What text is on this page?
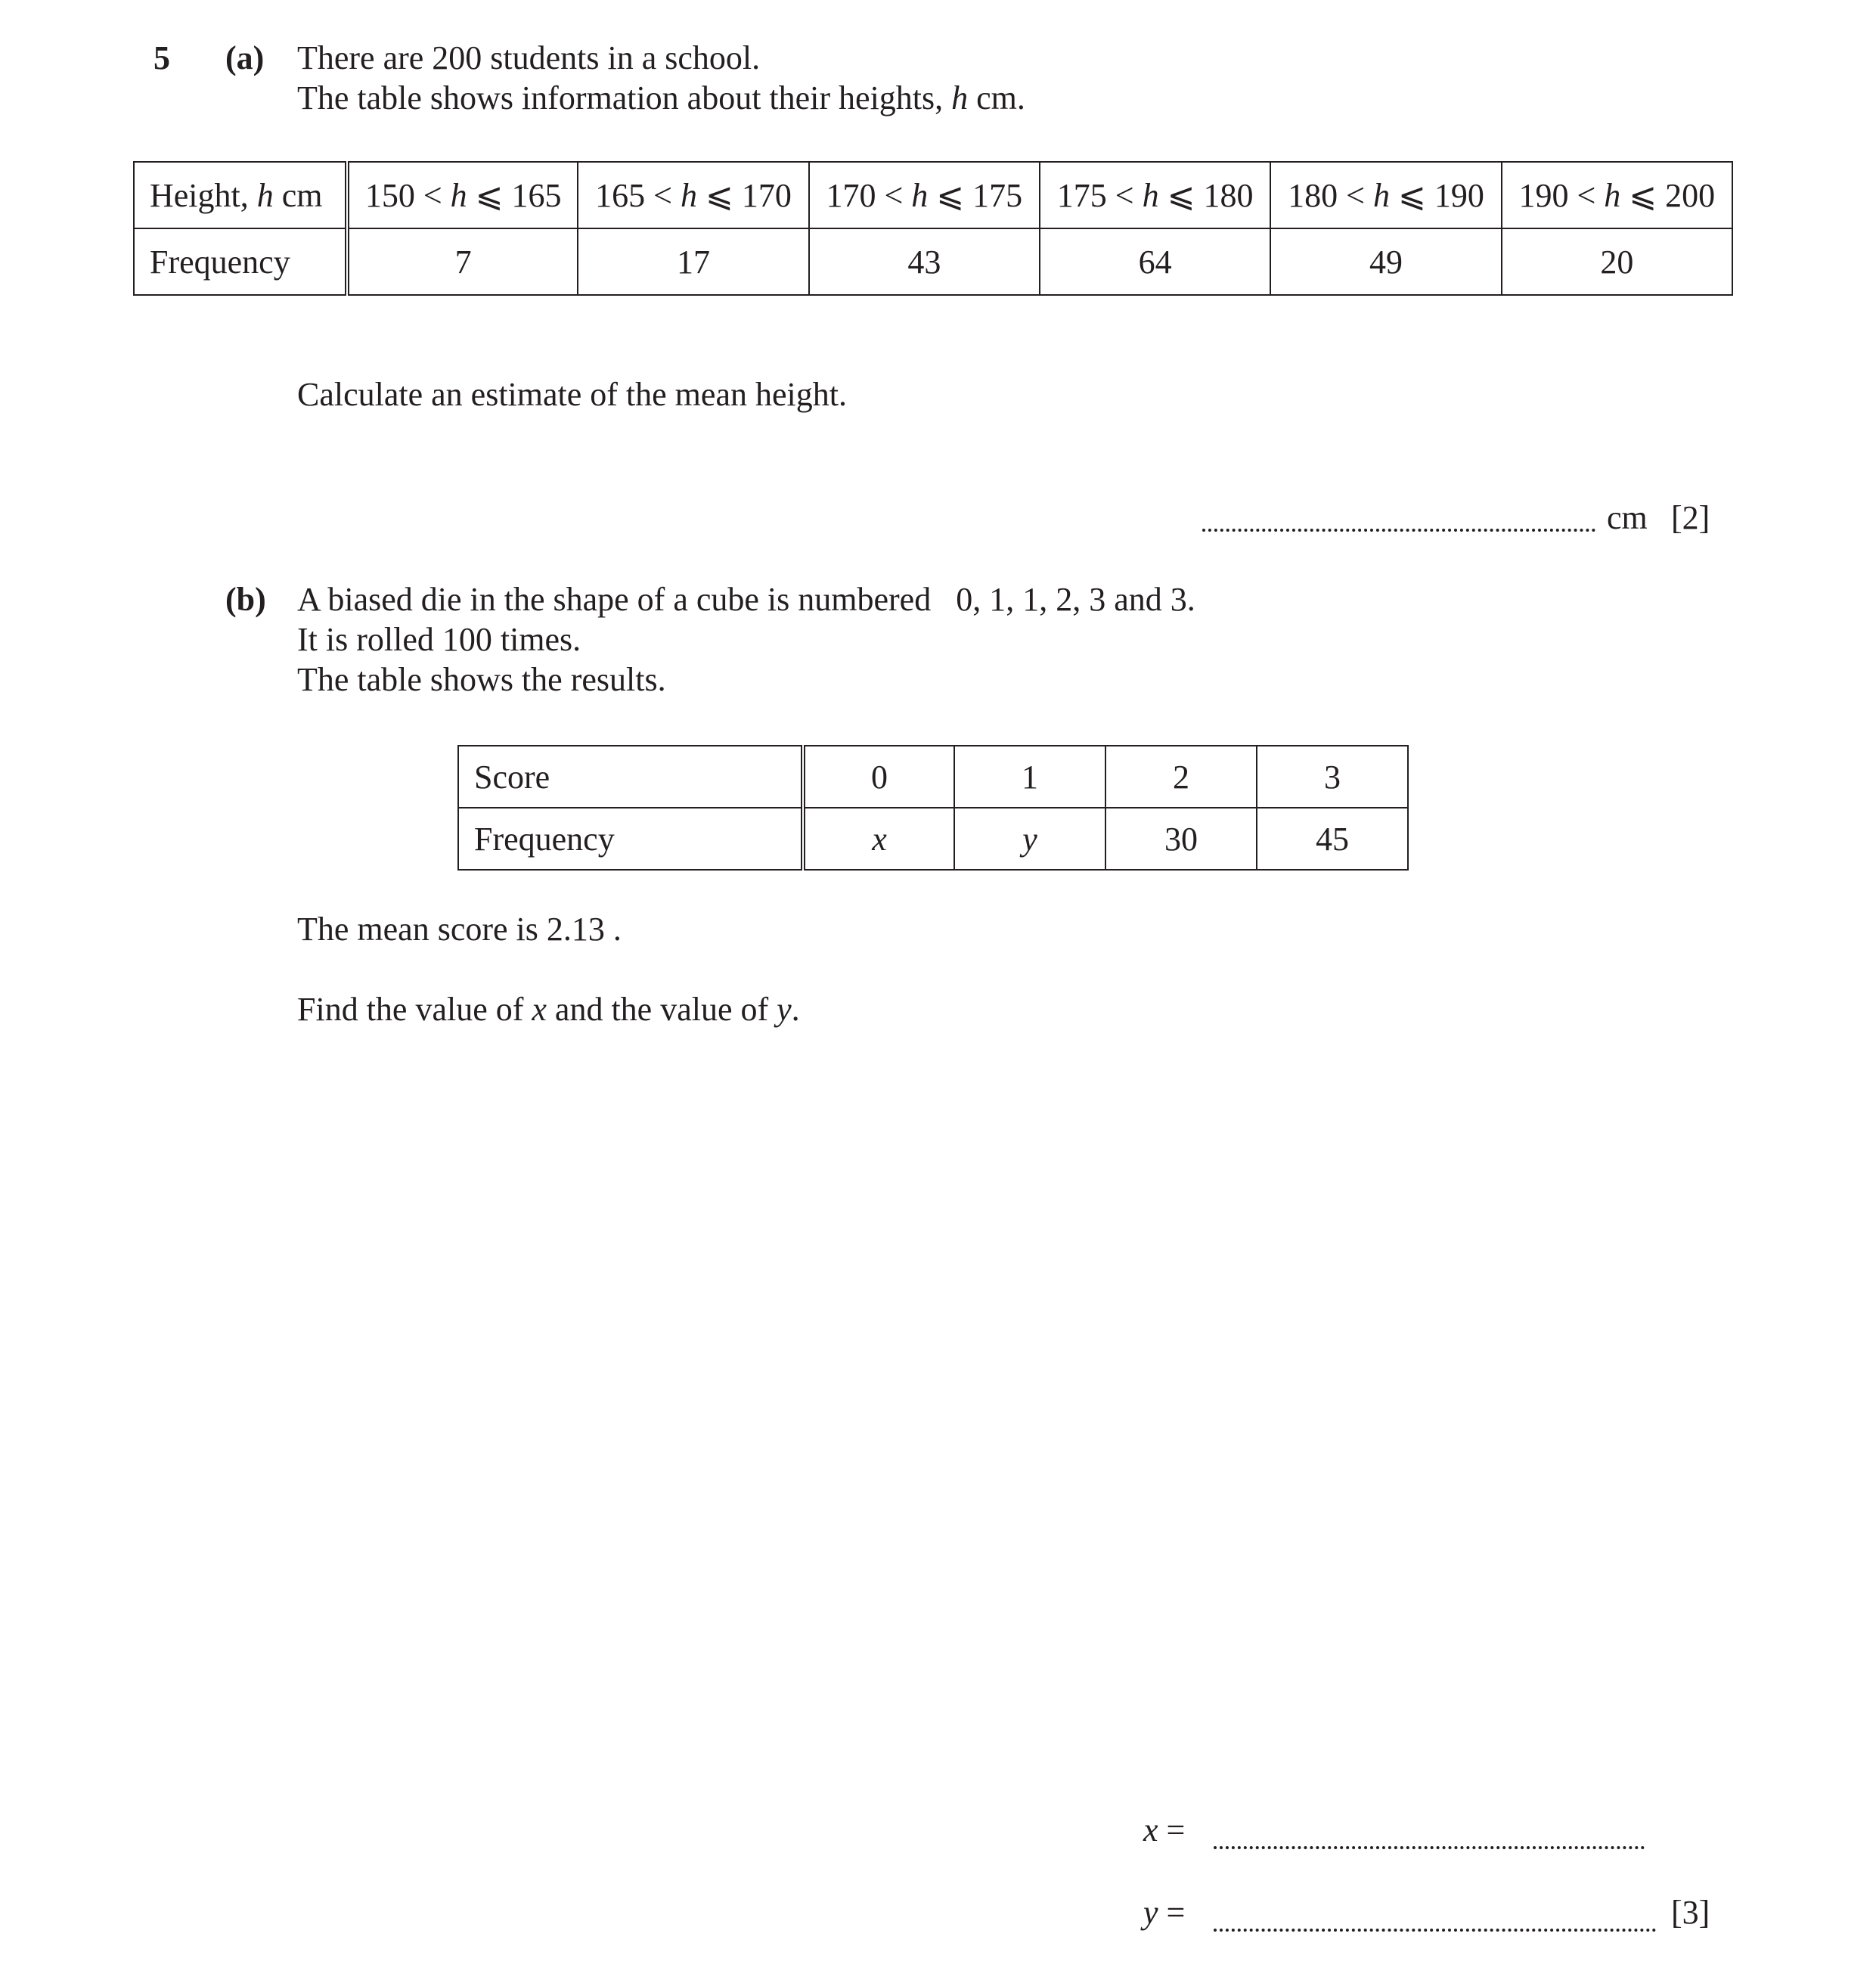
5 (a) There are 200 students in a school.
The table shows information about their heights, h cm.
Height, h cm	150 < h ⩽ 165	165 < h ⩽ 170	170 < h ⩽ 175	175 < h ⩽ 180	180 < h ⩽ 190	190 < h ⩽ 200
Frequency	7	17	43	64	49	20
Calculate an estimate of the mean height.
cm [2]
(b) A biased die in the shape of a cube is numbered   0, 1, 1, 2, 3 and 3.
It is rolled 100 times.
The table shows the results.
Score	0	1	2	3
Frequency	x	y	30	45
The mean score is 2.13 .
Find the value of x and the value of y.
x =
y =	[3]
